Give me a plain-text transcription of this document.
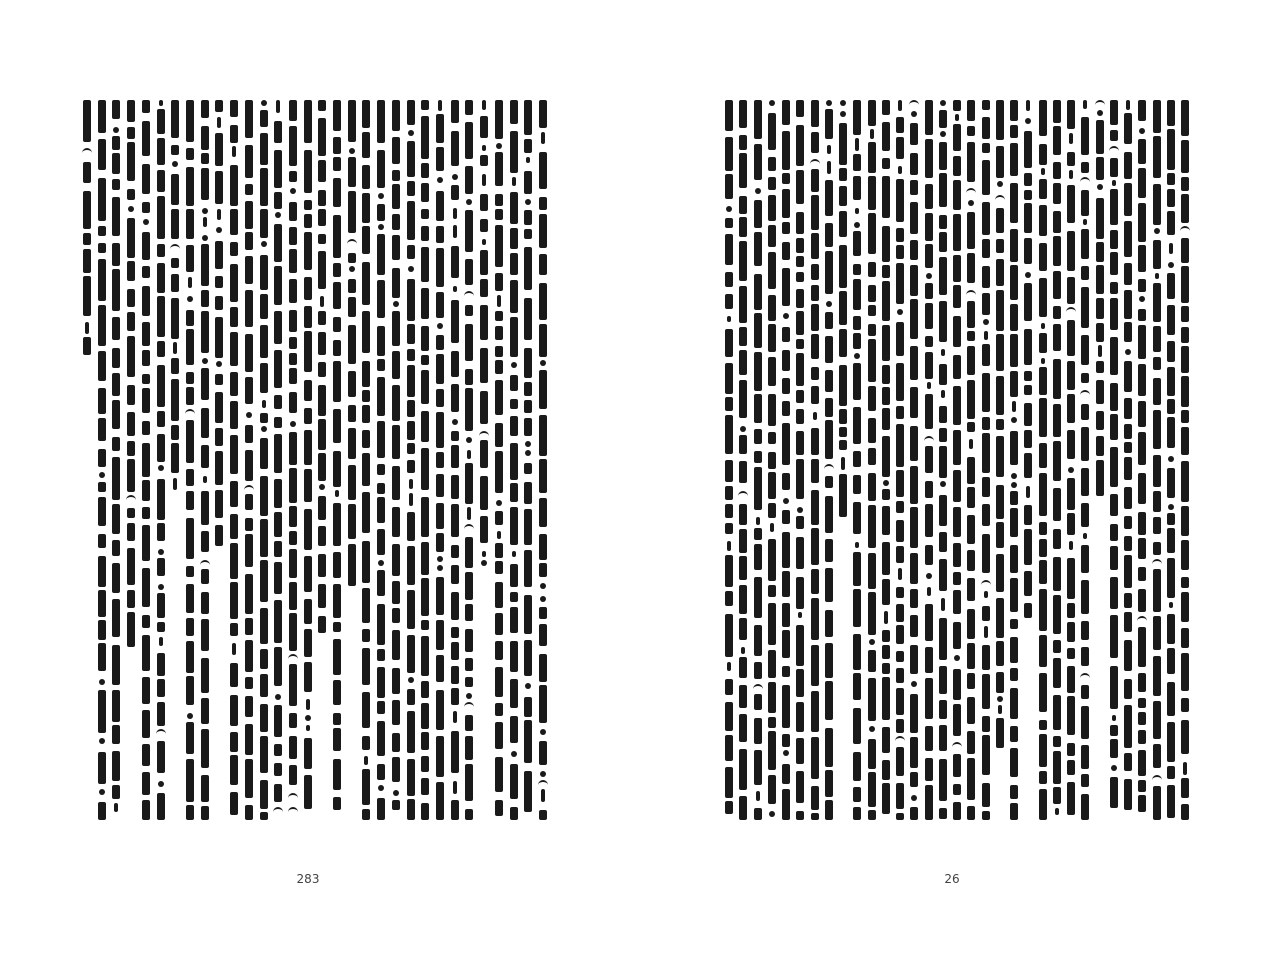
283	26
